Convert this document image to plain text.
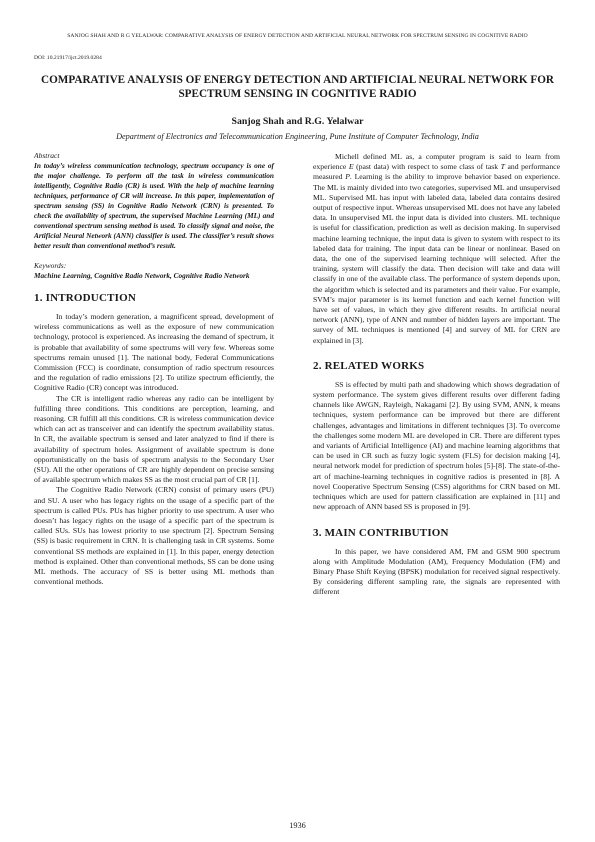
SANJOG SHAH AND R G YELALWAR: COMPARATIVE ANALYSIS OF ENERGY DETECTION AND ARTIFICIAL NEURAL NETWORK FOR SPECTRUM SENSING IN COGNITIVE RADIO
DOI: 10.21917/ijct.2019.0284
COMPARATIVE ANALYSIS OF ENERGY DETECTION AND ARTIFICIAL NEURAL NETWORK FOR SPECTRUM SENSING IN COGNITIVE RADIO
Sanjog Shah and R.G. Yelalwar
Department of Electronics and Telecommunication Engineering, Pune Institute of Computer Technology, India
Abstract

In today’s wireless communication technology, spectrum occupancy is one of the major challenge. To perform all the task in wireless communication intelligently, Cognitive Radio (CR) is used. With the help of machine learning techniques, performance of CR will increase. In this paper, implementation of spectrum sensing (SS) in Cognitive Radio Network (CRN) is presented. To check the availability of spectrum, the supervised Machine Learning (ML) and conventional spectrum sensing method is used. To classify signal and noise, the Artificial Neural Network (ANN) classifier is used. The classifier’s result shows better result than conventional method’s result.

Keywords:

Machine Learning, Cognitive Radio Network, Cognitive Radio Network

1. INTRODUCTION

In today’s modern generation, a magnificent spread, development of wireless communications as well as the exposure of new communication technology, protocol is experienced. As increasing the demand of spectrum, it is probable that availability of some spectrums will very few. Whereas some spectrums remain unused [1]. The national body, Federal Communications Commission (FCC) is coordinate, consumption of radio spectrum resources and the regulation of radio emissions [2]. To utilize spectrum efficiently, the Cognitive Radio (CR) concept was introduced.

The CR is intelligent radio whereas any radio can be intelligent by fulfilling three conditions. This conditions are perception, learning, and reasoning. CR fulfill all this conditions. CR is wireless communication device which can act as transceiver and can identify the spectrum availability status. In CR, the available spectrum is sensed and later analyzed to find if there is availability of spectrum holes. Assignment of available spectrum is done opportunistically on the basis of spectrum analysis to the Secondary User (SU). All the other operations of CR are highly dependent on precise sensing of available spectrum which makes SS as the most crucial part of CR [1].

The Cognitive Radio Network (CRN) consist of primary users (PU) and SU. A user who has legacy rights on the usage of a specific part of the spectrum is called PUs. PUs has higher priority to use spectrum. A user who doesn’t has legacy rights on the usage of a specific part of the spectrum is called SUs. SUs has lowest priority to use spectrum [2]. Spectrum Sensing (SS) is basic requirement in CRN. It is challenging task in CR systems. Some conventional SS methods are explained in [1]. In this paper, energy detection method is explained. Other than conventional methods, SS can be done using ML methods. The accuracy of SS is better using ML methods than conventional methods.

Michell defined ML as, a computer program is said to learn from experience E (past data) with respect to some class of task T and performance measured P. Learning is the ability to improve behavior based on experience. The ML is mainly divided into two categories, supervised ML and unsupervised ML. Supervised ML has input with labeled data, labeled data contains desired output of respective input. Whereas unsupervised ML does not have any labeled data. In unsupervised ML the input data is divided into clusters. ML technique is useful for classification, prediction as well as decision making. In supervised machine learning technique, the input data is given to system with respect to its labeled data for training. The input data can be linear or nonlinear. Based on data, the one of the supervised learning technique will selected. After the training, system will classify the data. Then decision will take and data will classify in one of the available class. The performance of system depends upon, the algorithm which is selected and its parameters and their value. For example, SVM’s major parameter is its kernel function and each kernel function will have set of values, in which they give different results. In artificial neural network (ANN), type of ANN and number of hidden layers are important. The survey of ML techniques is mentioned [4] and survey of ML for CRN are explained in [3].

2. RELATED WORKS

SS is effected by multi path and shadowing which shows degradation of system performance. The system gives different results over different fading channels like AWGN, Rayleigh, Nakagami [2]. By using SVM, ANN, k means techniques, system performance can be improved but there are different challenges, advantages and limitations in different techniques [3]. To overcome the challenges some modern ML are developed in CR. There are different types and variants of Artificial Intelligence (AI) and machine learning algorithms that can be used in CR such as fuzzy logic system (FLS) for decision making [4], neural network model for prediction of spectrum holes [5]-[8]. The state-of-the-art of machine-learning techniques in cognitive radios is presented in [8]. A novel Cooperative Spectrum Sensing (CSS) algorithms for CRN based on ML techniques which are used for pattern classification are explained in [11] and new approach of ANN based SS is proposed in [9].

3. MAIN CONTRIBUTION

In this paper, we have considered AM, FM and GSM 900 spectrum along with Amplitude Modulation (AM), Frequency Modulation (FM) and Binary Phase Shift Keying (BPSK) modulation for received signal respectively. By considering different sampling rate, the signals are represented with different

1936
